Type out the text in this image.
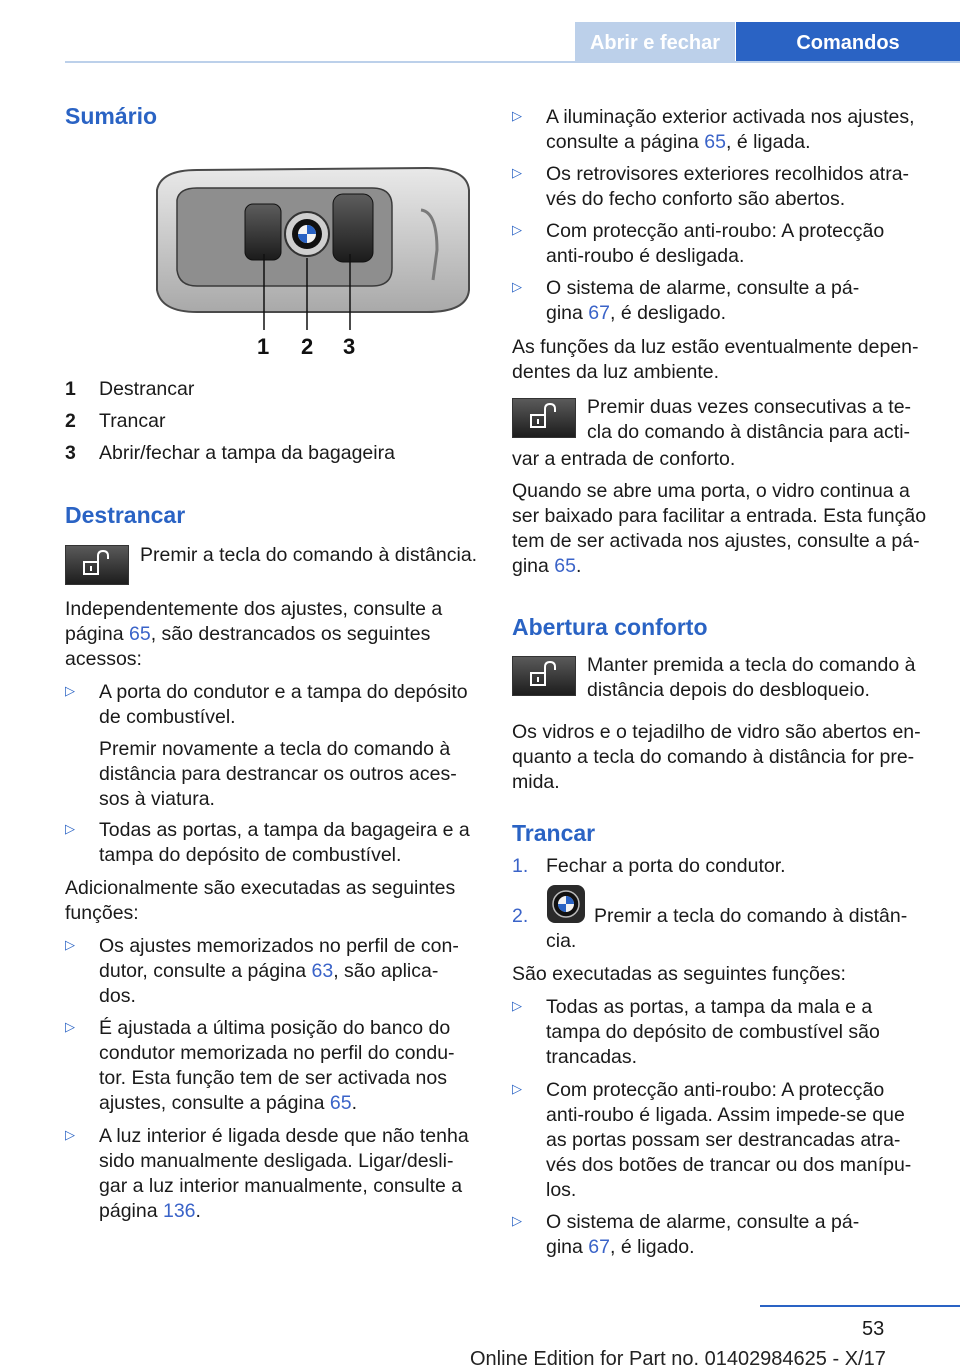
Abrir e fechar	Comandos
Sumário
1 2 3
1 Destrancar
2 Trancar
3 Abrir/fechar a tampa da bagageira
Destrancar
Premir a tecla do comando à distância.
Independentemente dos ajustes, consulte a
página 65, são destrancados os seguintes
acessos:
▷	A porta do condutor e a tampa do depósito
de combustível.
Premir novamente a tecla do comando à
distância para destrancar os outros aces-
sos à viatura.
▷	Todas as portas, a tampa da bagageira e a
tampa do depósito de combustível.
Adicionalmente são executadas as seguintes
funções:
▷	Os ajustes memorizados no perfil de con-
dutor, consulte a página 63, são aplica-
dos.
▷	É ajustada a última posição do banco do
condutor memorizada no perfil do condu-
tor. Esta função tem de ser activada nos
ajustes, consulte a página 65.
▷	A luz interior é ligada desde que não tenha
sido manualmente desligada. Ligar/desli-
gar a luz interior manualmente, consulte a
página 136.
▷	A iluminação exterior activada nos ajustes,
consulte a página 65, é ligada.
▷	Os retrovisores exteriores recolhidos atra-
vés do fecho conforto são abertos.
▷	Com protecção anti-roubo: A protecção
anti-roubo é desligada.
▷	O sistema de alarme, consulte a pá-
gina 67, é desligado.
As funções da luz estão eventualmente depen-
dentes da luz ambiente.
Premir duas vezes consecutivas a te-
cla do comando à distância para acti-
var a entrada de conforto.
Quando se abre uma porta, o vidro continua a
ser baixado para facilitar a entrada. Esta função
tem de ser activada nos ajustes, consulte a pá-
gina 65.
Abertura conforto
Manter premida a tecla do comando à
distância depois do desbloqueio.
Os vidros e o tejadilho de vidro são abertos en-
quanto a tecla do comando à distância for pre-
mida.
Trancar
1. Fechar a porta do condutor.
2.	Premir a tecla do comando à distân-
cia.
São executadas as seguintes funções:
▷	Todas as portas, a tampa da mala e a
tampa do depósito de combustível são
trancadas.
▷	Com protecção anti-roubo: A protecção
anti-roubo é ligada. Assim impede-se que
as portas possam ser destrancadas atra-
vés dos botões de trancar ou dos manípu-
los.
▷	O sistema de alarme, consulte a pá-
gina 67, é ligado.
53
Online Edition for Part no. 01402984625 - X/17
